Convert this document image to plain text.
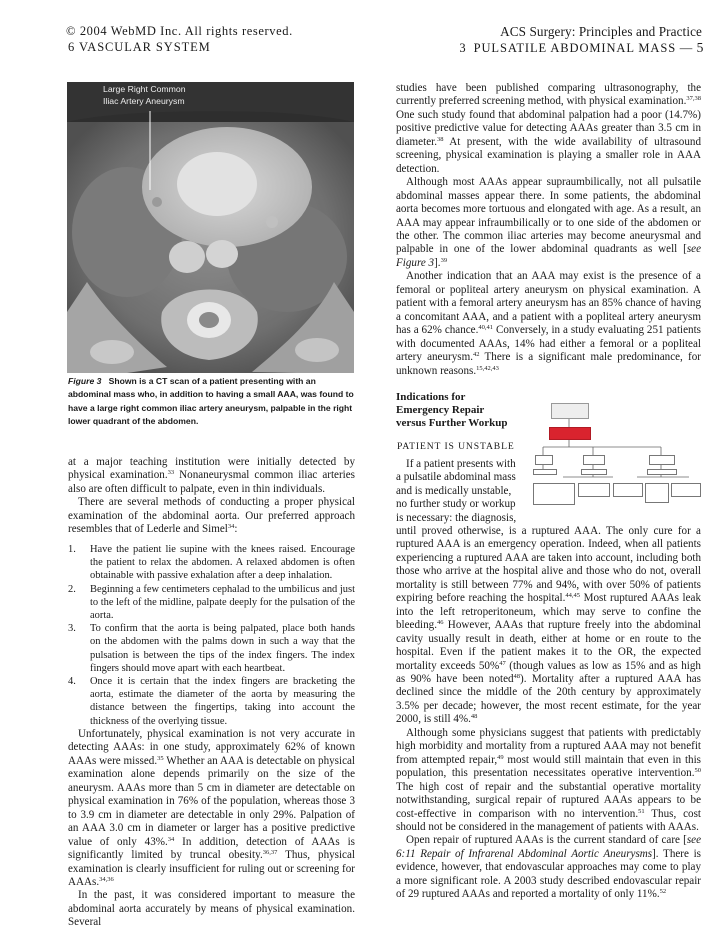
© 2004 WebMD Inc. All rights reserved.
6 VASCULAR SYSTEM
ACS Surgery: Principles and Practice
3 PULSATILE ABDOMINAL MASS — 5
Large Right Common
Iliac Artery Aneurysm
Figure 3 Shown is a CT scan of a patient presenting with an abdominal mass who, in addition to having a small AAA, was found to have a large right common iliac artery aneurysm, palpable in the right lower quadrant of the abdomen.

at a major teaching institution were initially detected by physical examination.$^{33}$ Nonaneurysmal common iliac arteries also are often difficult to palpate, even in thin individuals.

There are several methods of conducting a proper physical examination of the abdominal aorta. Our preferred approach resembles that of Lederle and Simel$^{34}$:

1. Have the patient lie supine with the knees raised. Encourage the patient to relax the abdomen. A relaxed abdomen is often obtainable with passive exhalation after a deep inhalation.
2. Beginning a few centimeters cephalad to the umbilicus and just to the left of the midline, palpate deeply for the pulsation of the aorta.
3. To confirm that the aorta is being palpated, place both hands on the abdomen with the palms down in such a way that the pulsation is between the tips of the index fingers. The index fingers should move apart with each heartbeat.
4. Once it is certain that the index fingers are bracketing the aorta, estimate the diameter of the aorta by measuring the distance between the fingertips, taking into account the thickness of the overlying tissue.

Unfortunately, physical examination is not very accurate in detecting AAAs: in one study, approximately 62% of known AAAs were missed.$^{35}$ Whether an AAA is detectable on physical examination alone depends primarily on the size of the aneurysm. AAAs more than 5 cm in diameter are detectable on physical examination in 76% of the population, whereas those 3 to 3.9 cm in diameter are detectable in only 29%. Palpation of an AAA 3.0 cm in diameter or larger has a positive predictive value of only 43%.$^{34}$ In addition, detection of AAAs is significantly limited by truncal obesity.$^{36,37}$ Thus, physical examination is clearly insufficient for ruling out or screening for AAAs.$^{34,36}$

In the past, it was considered important to measure the abdominal aorta accurately by means of physical examination. Several

studies have been published comparing ultrasonography, the currently preferred screening method, with physical examination.$^{37,38}$ One such study found that abdominal palpation had a poor (14.7%) positive predictive value for detecting AAAs greater than 3.5 cm in diameter.$^{38}$ At present, with the wide availability of ultrasound screening, physical examination is playing a smaller role in AAA detection.

Although most AAAs appear supraumbilically, not all pulsatile abdominal masses appear there. In some patients, the abdominal aorta becomes more tortuous and elongated with age. As a result, an AAA may appear infraumbilically or to one side of the abdomen or the other. The common iliac arteries may become aneurysmal and palpable in one of the lower abdominal quadrants as well [see Figure 3].$^{39}$

Another indication that an AAA may exist is the presence of a femoral or popliteal artery aneurysm on physical examination. A patient with a femoral artery aneurysm has an 85% chance of having a concomitant AAA, and a patient with a popliteal artery aneurysm has a 62% chance.$^{40,41}$ Conversely, in a study evaluating 251 patients with documented AAAs, 14% had either a femoral or a popliteal artery aneurysm.$^{42}$ There is a significant male predominance, for unknown reasons.$^{15,42,43}$

Indications for
Emergency Repair
versus Further Workup
PATIENT IS UNSTABLE
If a patient presents with
a pulsatile abdominal mass
and is medically unstable,
no further study or workup
is necessary: the diagnosis,

until proved otherwise, is a ruptured AAA. The only cure for a ruptured AAA is an emergency operation. Indeed, when all patients experiencing a ruptured AAA are taken into account, including both those who arrive at the hospital alive and those who do not, overall mortality is still between 77% and 94%, with over 50% of patients expiring before reaching the hospital.$^{44,45}$ Most ruptured AAAs leak into the left retroperitoneum, which may serve to confine the bleeding.$^{46}$ However, AAAs that rupture freely into the abdominal cavity usually result in death, either at home or en route to the hospital. Even if the patient makes it to the OR, the expected mortality exceeds 50%$^{47}$ (though values as low as 15% and as high as 90% have been noted$^{48}$). Mortality after a ruptured AAA has declined since the middle of the 20th century by approximately 3.5% per decade; however, the most recent estimate, for the year 2000, is still 4%.$^{48}$

Although some physicians suggest that patients with predictably high morbidity and mortality from a ruptured AAA may not benefit from attempted repair,$^{49}$ most would still maintain that even in this population, this presentation necessitates operative intervention.$^{50}$ The high cost of repair and the substantial operative mortality notwithstanding, surgical repair of ruptured AAAs appears to be cost-effective in comparison with no intervention.$^{51}$ Thus, cost should not be considered in the management of patients with AAAs.

Open repair of ruptured AAAs is the current standard of care [see 6:11 Repair of Infrarenal Abdominal Aortic Aneurysms]. There is evidence, however, that endovascular approaches may come to play a more significant role. A 2003 study described endovascular repair of 29 ruptured AAAs and reported a mortality of only 11%.$^{52}$
